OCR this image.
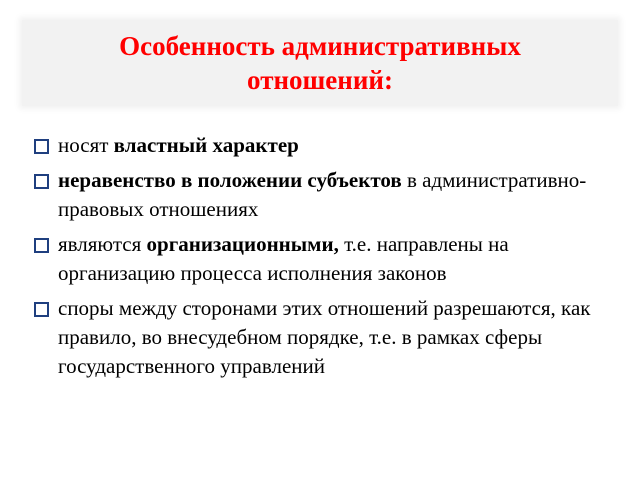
Особенность административных отношений:
носят властный характер
неравенство в положении субъектов в административно-правовых отношениях
являются организационными, т.е. направлены на организацию процесса исполнения законов
споры между сторонами этих отношений разрешаются, как правило, во внесудебном порядке, т.е. в рамках сферы государственного управлений
